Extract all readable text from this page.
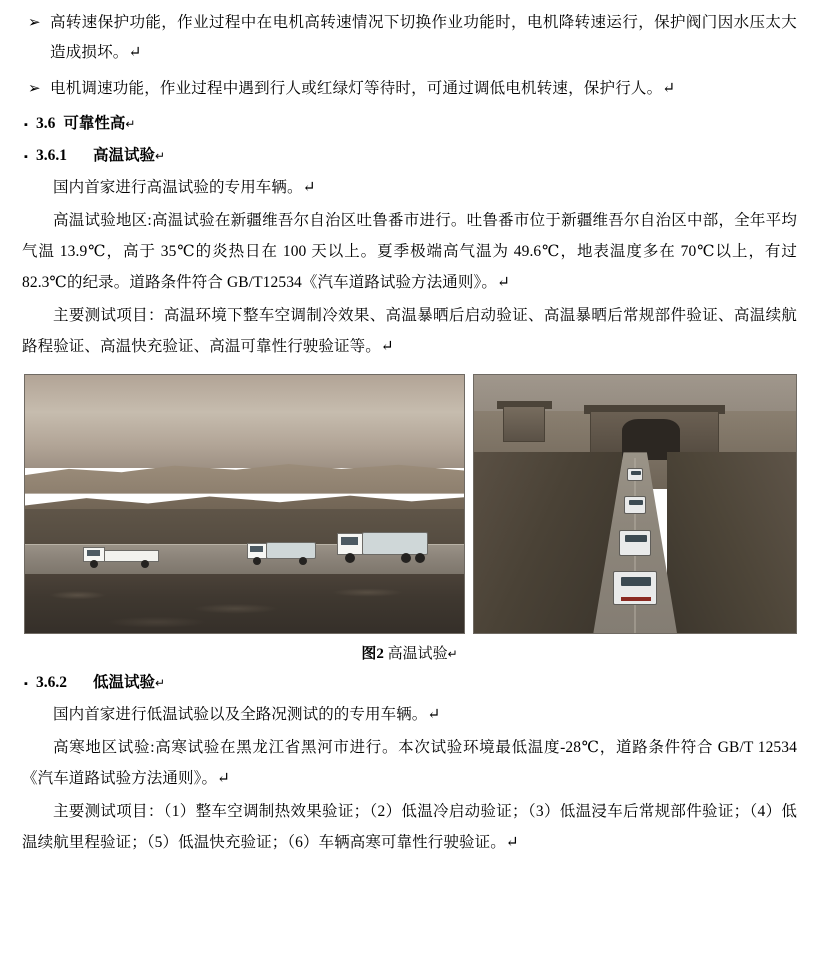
➢ 高转速保护功能，作业过程中在电机高转速情况下切换作业功能时，电机降转速运行，保护阀门因水压太大造成损坏。↵
➢ 电机调速功能，作业过程中遇到行人或红绿灯等待时，可通过调低电机转速，保护行人。↵
▪ 3.6 可靠性高 ↵
▪ 3.6.1 高温试验 ↵

国内首家进行高温试验的专用车辆。↵

高温试验地区:高温试验在新疆维吾尔自治区吐鲁番市进行。吐鲁番市位于新疆维吾尔自治区中部，全年平均气温 13.9℃，高于 35℃的炎热日在 100 天以上。夏季极端高气温为 49.6℃，地表温度多在 70℃以上，有过 82.3℃的纪录。道路条件符合 GB/T12534《汽车道路试验方法通则》。↵

主要测试项目：高温环境下整车空调制冷效果、高温暴晒后启动验证、高温暴晒后常规部件验证、高温续航路程验证、高温快充验证、高温可靠性行驶验证等。↵

图2 高温试验↵
▪ 3.6.2 低温试验 ↵

国内首家进行低温试验以及全路况测试的的专用车辆。↵

高寒地区试验:高寒试验在黑龙江省黑河市进行。本次试验环境最低温度-28℃，道路条件符合 GB/T 12534《汽车道路试验方法通则》。↵

主要测试项目：（1）整车空调制热效果验证；（2）低温冷启动验证；（3）低温浸车后常规部件验证；（4）低温续航里程验证；（5）低温快充验证；（6）车辆高寒可靠性行驶验证。↵
